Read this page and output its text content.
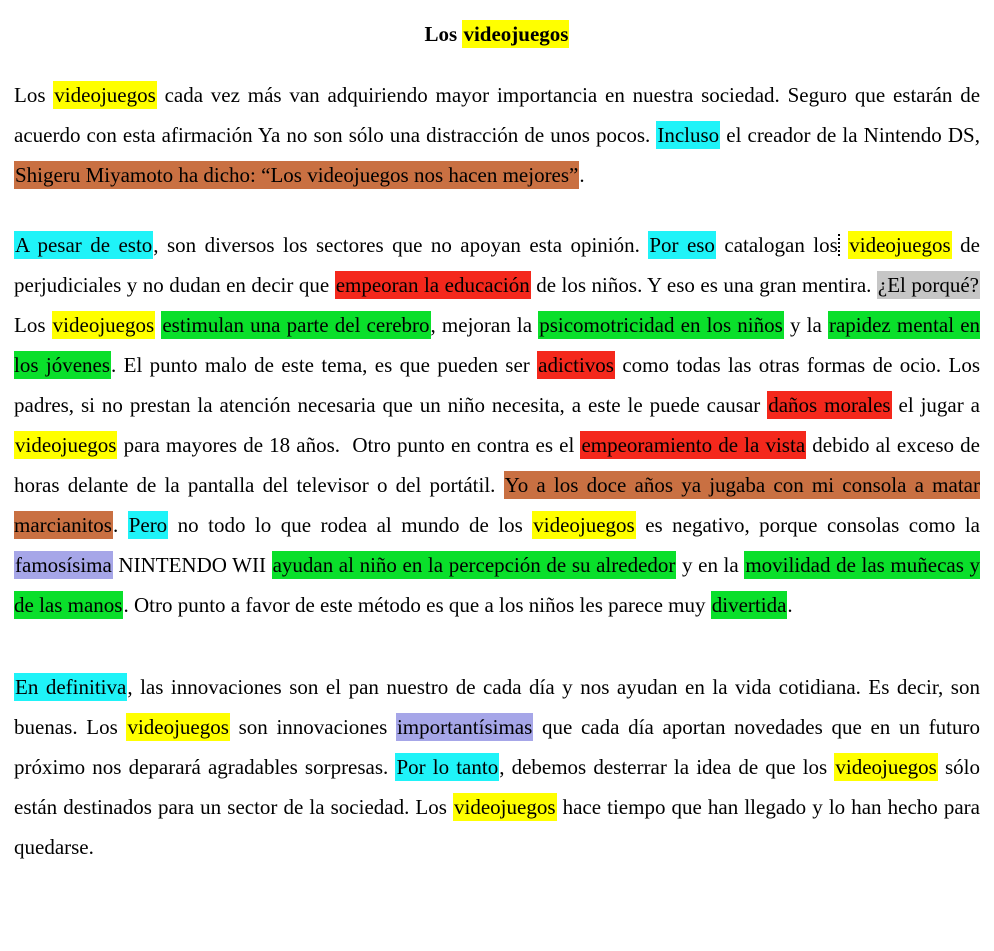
Los videojuegos

Los videojuegos cada vez más van adquiriendo mayor importancia en nuestra sociedad. Seguro que estarán de acuerdo con esta afirmación Ya no son sólo una distracción de unos pocos. Incluso el creador de la Nintendo DS, Shigeru Miyamoto ha dicho: “Los videojuegos nos hacen mejores”.

A pesar de esto, son diversos los sectores que no apoyan esta opinión. Por eso catalogan los videojuegos de perjudiciales y no dudan en decir que empeoran la educación de los niños. Y eso es una gran mentira. ¿El porqué? Los videojuegos estimulan una parte del cerebro, mejoran la psicomotricidad en los niños y la rapidez mental en los jóvenes. El punto malo de este tema, es que pueden ser adictivos como todas las otras formas de ocio. Los padres, si no prestan la atención necesaria que un niño necesita, a este le puede causar daños morales el jugar a videojuegos para mayores de 18 años.  Otro punto en contra es el empeoramiento de la vista debido al exceso de horas delante de la pantalla del televisor o del portátil. Yo a los doce años ya jugaba con mi consola a matar marcianitos. Pero no todo lo que rodea al mundo de los videojuegos es negativo, porque consolas como la famosísima NINTENDO WII ayudan al niño en la percepción de su alrededor y en la movilidad de las muñecas y de las manos. Otro punto a favor de este método es que a los niños les parece muy divertida.

En definitiva, las innovaciones son el pan nuestro de cada día y nos ayudan en la vida cotidiana. Es decir, son buenas. Los videojuegos son innovaciones importantísimas que cada día aportan novedades que en un futuro próximo nos deparará agradables sorpresas. Por lo tanto, debemos desterrar la idea de que los videojuegos sólo están destinados para un sector de la sociedad. Los videojuegos hace tiempo que han llegado y lo han hecho para quedarse.
